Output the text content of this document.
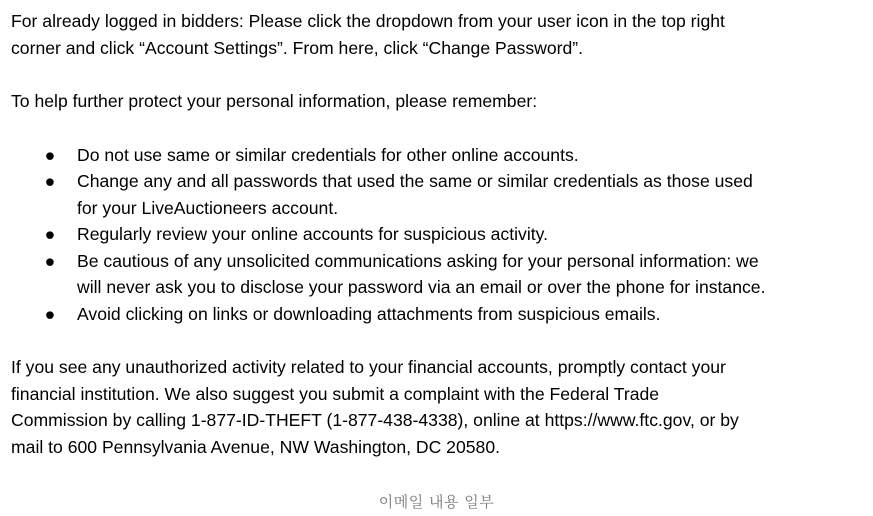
For already logged in bidders: Please click the dropdown from your user icon in the top right
corner and click “Account Settings”. From here, click “Change Password”.

To help further protect your personal information, please remember:

● Do not use same or similar credentials for other online accounts.
● Change any and all passwords that used the same or similar credentials as those used
for your LiveAuctioneers account.
● Regularly review your online accounts for suspicious activity.
● Be cautious of any unsolicited communications asking for your personal information: we
will never ask you to disclose your password via an email or over the phone for instance.
● Avoid clicking on links or downloading attachments from suspicious emails.

If you see any unauthorized activity related to your financial accounts, promptly contact your
financial institution. We also suggest you submit a complaint with the Federal Trade
Commission by calling 1-877-ID-THEFT (1-877-438-4338), online at https://www.ftc.gov, or by
mail to 600 Pennsylvania Avenue, NW Washington, DC 20580.

이메일 내용 일부
